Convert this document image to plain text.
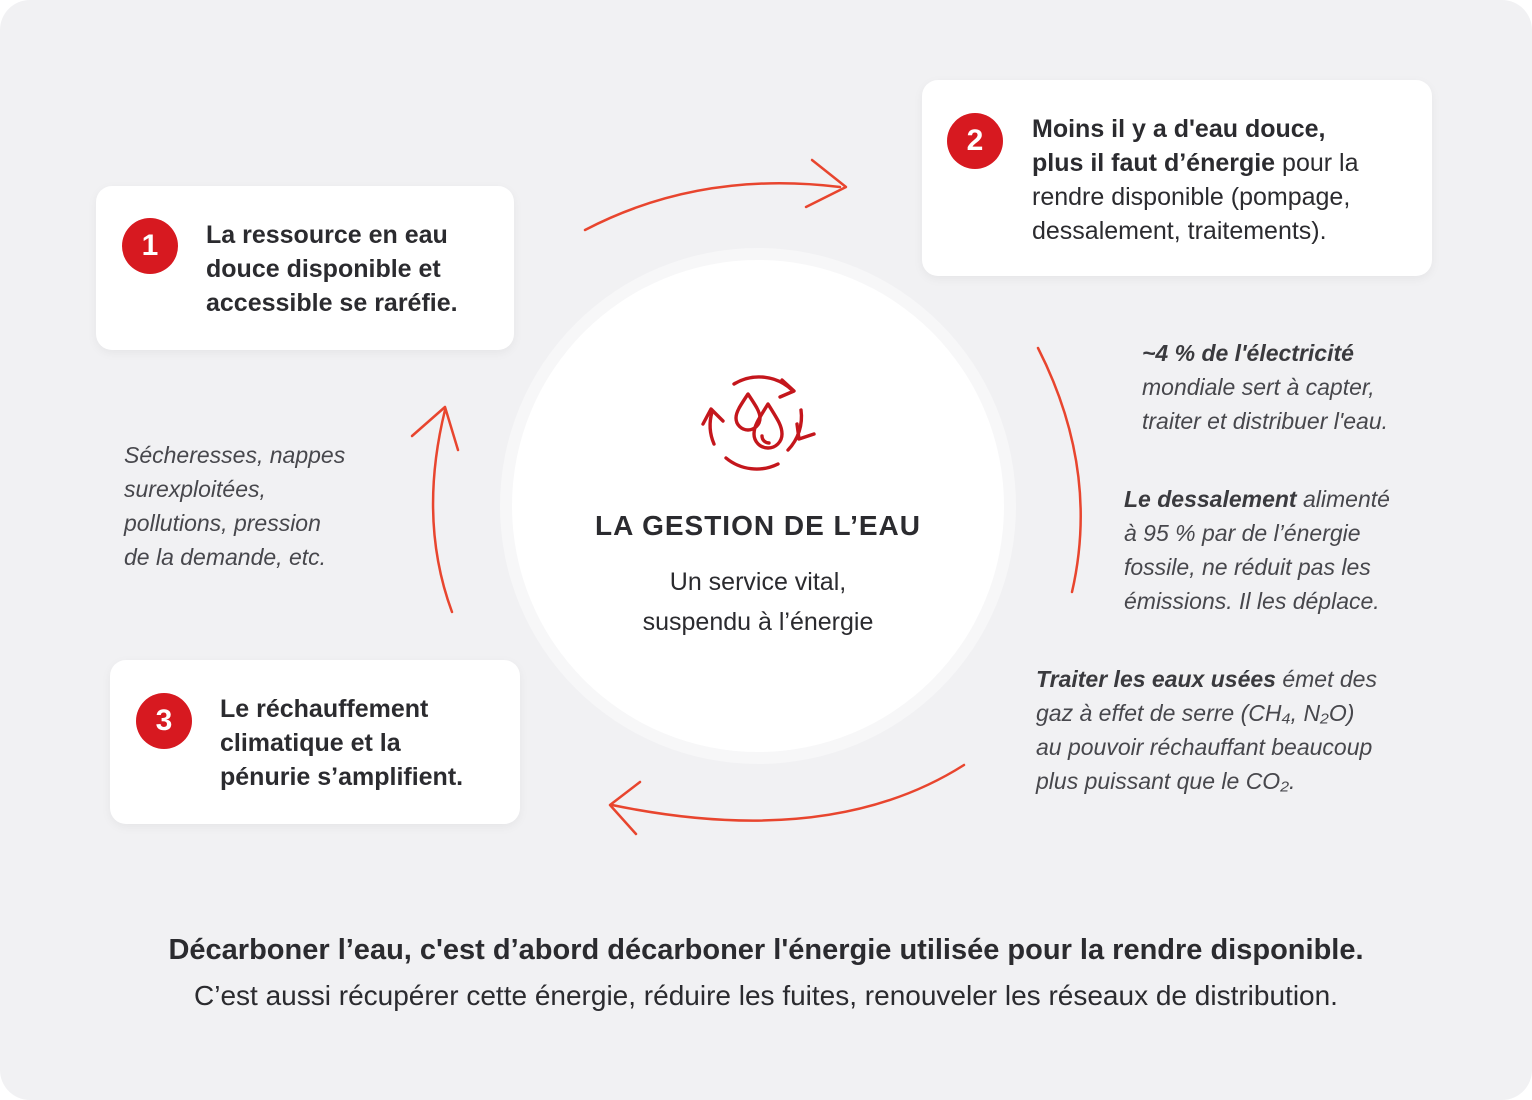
LA GESTION DE L’EAU
Un service vital,
suspendu à l’énergie
1	La ressource en eau
douce disponible et
accessible se raréfie.
2	Moins il y a d'eau douce,
plus il faut d’énergie pour la
rendre disponible (pompage,
dessalement, traitements).
3	Le réchauffement
climatique et la
pénurie s’amplifient.
Sécheresses, nappes
surexploitées,
pollutions, pression
de la demande, etc.
~4 % de l'électricité
mondiale sert à capter,
traiter et distribuer l'eau.
Le dessalement alimenté
à 95 % par de l’énergie
fossile, ne réduit pas les
émissions. Il les déplace.
Traiter les eaux usées émet des
gaz à effet de serre (CH₄, N₂O)
au pouvoir réchauffant beaucoup
plus puissant que le CO₂.
Décarboner l’eau, c'est d’abord décarboner l'énergie utilisée pour la rendre disponible.
C’est aussi récupérer cette énergie, réduire les fuites, renouveler les réseaux de distribution.
